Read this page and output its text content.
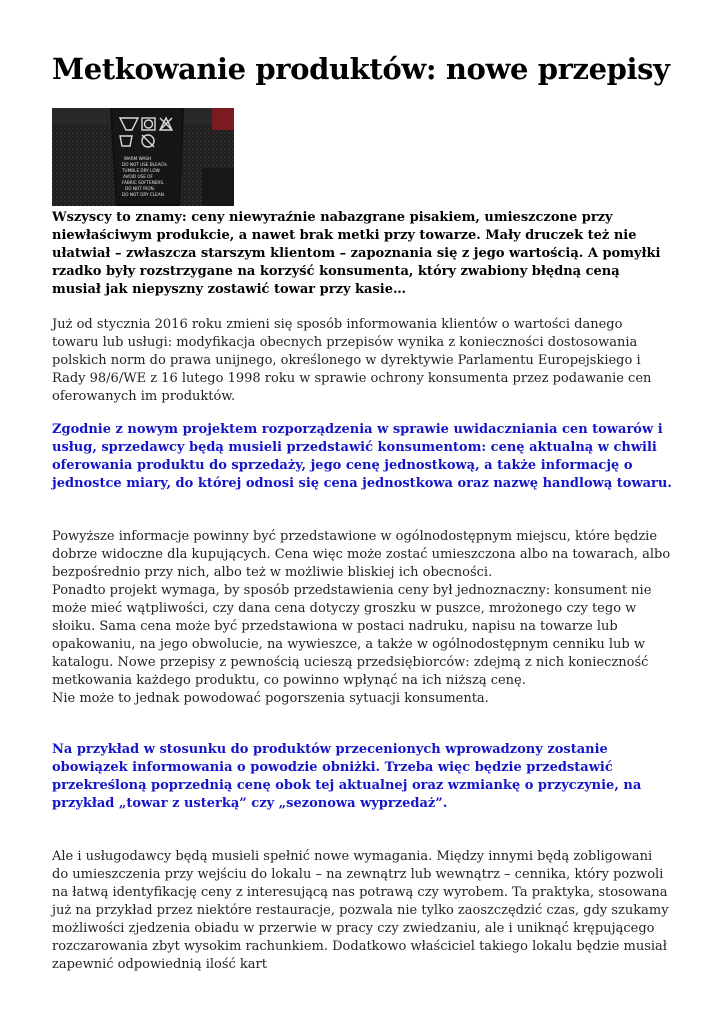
Metkowanie produktów: nowe przepisy
WARM WASH DO NOT USE BLEACH. TUMBLE DRY LOW. AVOID USE OF FABRIC SOFTENERS. DO NOT IRON. DO NOT DRY CLEAN.

Wszyscy to znamy: ceny niewyraźnie nabazgrane pisakiem, umieszczone przy niewłaściwym produkcie, a nawet brak metki przy towarze. Mały druczek też nie ułatwiał – zwłaszcza starszym klientom – zapoznania się z jego wartością. A pomyłki rzadko były rozstrzygane na korzyść konsumenta, który zwabiony błędną ceną musiał jak niepyszny zostawić towar przy kasie…

Już od stycznia 2016 roku zmieni się sposób informowania klientów o wartości danego towaru lub usługi: modyfikacja obecnych przepisów wynika z konieczności dostosowania polskich norm do prawa unijnego, określonego w dyrektywie Parlamentu Europejskiego i Rady 98/6/WE z 16 lutego 1998 roku w sprawie ochrony konsumenta przez podawanie cen oferowanych im produktów.

Zgodnie z nowym projektem rozporządzenia w sprawie uwidaczniania cen towarów i usług, sprzedawcy będą musieli przedstawić konsumentom: cenę aktualną w chwili oferowania produktu do sprzedaży, jego cenę jednostkową, a także informację o jednostce miary, do której odnosi się cena jednostkowa oraz nazwę handlową towaru.

Powyższe informacje powinny być przedstawione w ogólnodostępnym miejscu, które będzie dobrze widoczne dla kupujących. Cena więc może zostać umieszczona albo na towarach, albo bezpośrednio przy nich, albo też w możliwie bliskiej ich obecności.
Ponadto projekt wymaga, by sposób przedstawienia ceny był jednoznaczny: konsument nie może mieć wątpliwości, czy dana cena dotyczy groszku w puszce, mrożonego czy tego w słoiku. Sama cena może być przedstawiona w postaci nadruku, napisu na towarze lub opakowaniu, na jego obwolucie, na wywieszce, a także w ogólnodostępnym cenniku lub w katalogu. Nowe przepisy z pewnością ucieszą przedsiębiorców: zdejmą z nich konieczność metkowania każdego produktu, co powinno wpłynąć na ich niższą cenę.
Nie może to jednak powodować pogorszenia sytuacji konsumenta.

Na przykład w stosunku do produktów przecenionych wprowadzony zostanie obowiązek informowania o powodzie obniżki. Trzeba więc będzie przedstawić przekreśloną poprzednią cenę obok tej aktualnej oraz wzmiankę o przyczynie, na przykład „towar z usterką” czy „sezonowa wyprzedaż”.

Ale i usługodawcy będą musieli spełnić nowe wymagania. Między innymi będą zobligowani do umieszczenia przy wejściu do lokalu – na zewnątrz lub wewnątrz – cennika, który pozwoli na łatwą identyfikację ceny z interesującą nas potrawą czy wyrobem. Ta praktyka, stosowana już na przykład przez niektóre restauracje, pozwala nie tylko zaoszczędzić czas, gdy szukamy możliwości zjedzenia obiadu w przerwie w pracy czy zwiedzaniu, ale i uniknąć krępującego rozczarowania zbyt wysokim rachunkiem. Dodatkowo właściciel takiego lokalu będzie musiał zapewnić odpowiednią ilość kart
